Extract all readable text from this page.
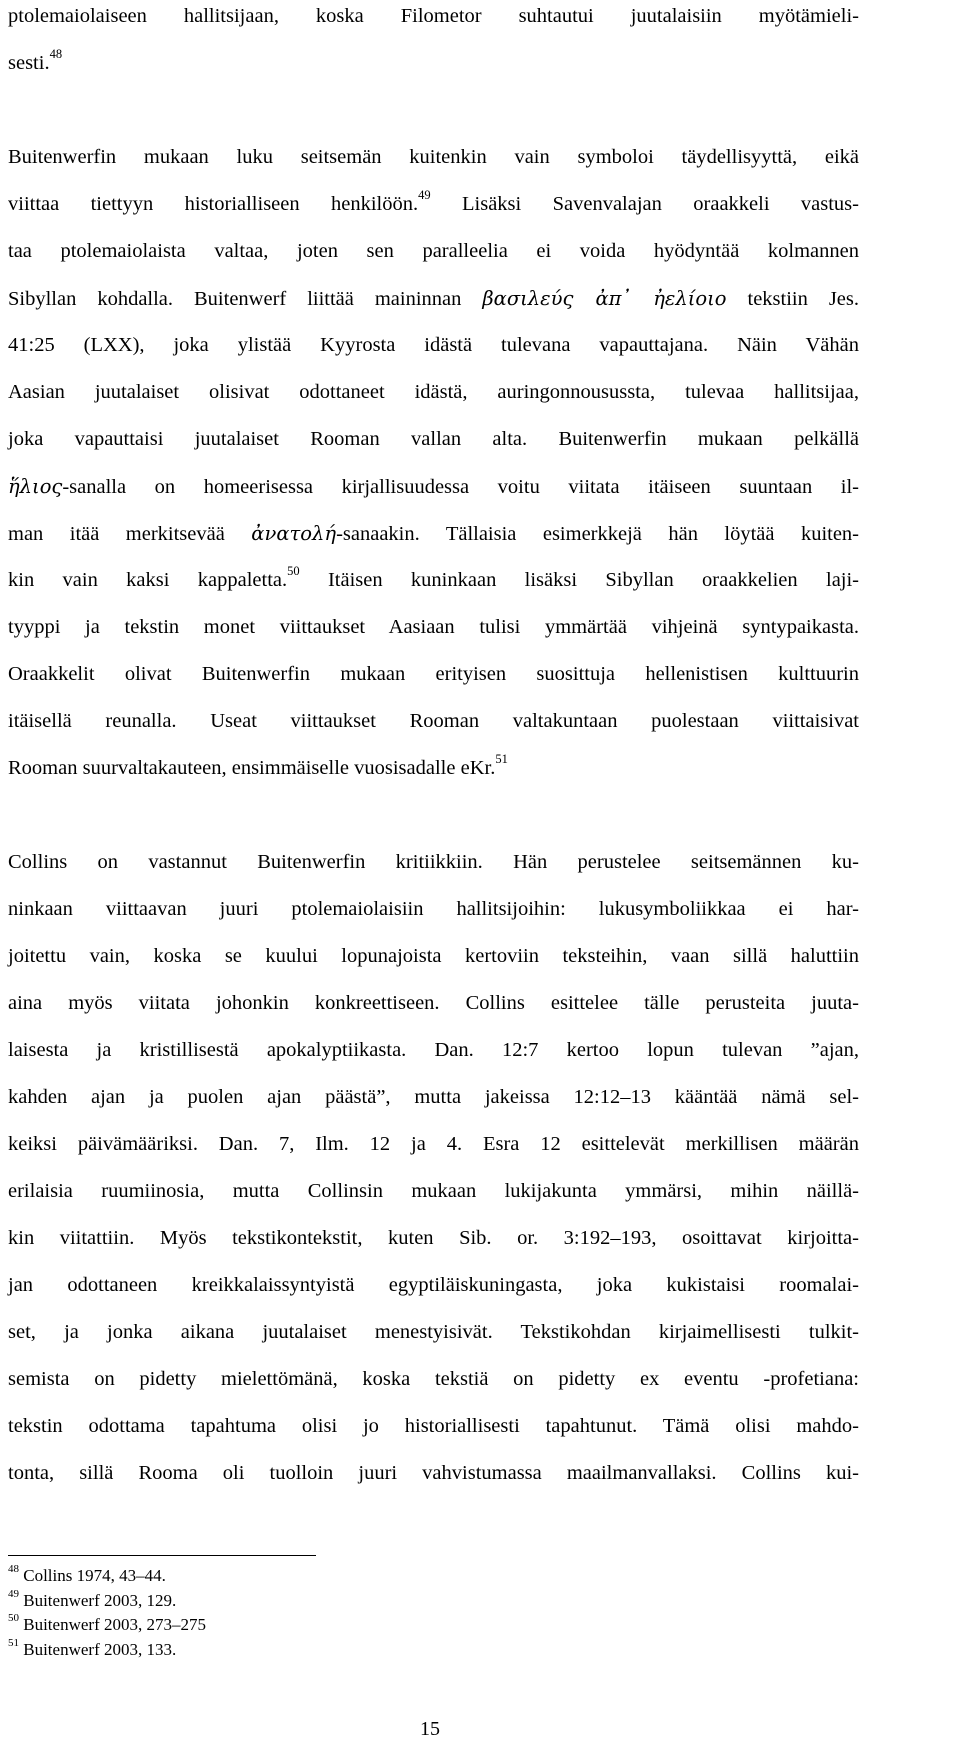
ptolemaiolaiseen hallitsijaan, koska Filometor suhtautui juutalaisiin myötämieli-
sesti.$^{48}$
Buitenwerfin mukaan luku seitsemän kuitenkin vain symboloi täydellisyyttä, eikä
viittaa tiettyyn historialliseen henkilöön.$^{49}$ Lisäksi Savenvalajan oraakkeli vastus-
taa ptolemaiolaista valtaa, joten sen paralleelia ei voida hyödyntää kolmannen
Sibyllan kohdalla. Buitenwerf liittää maininnan βασιλεύς ἀπ᾽ ἠελίοιο tekstiin Jes.
41:25 (LXX), joka ylistää Kyyrosta idästä tulevana vapauttajana. Näin Vähän
Aasian juutalaiset olisivat odottaneet idästä, auringonnousussta, tulevaa hallitsijaa,
joka vapauttaisi juutalaiset Rooman vallan alta. Buitenwerfin mukaan pelkällä
ἥλιος-sanalla on homeerisessa kirjallisuudessa voitu viitata itäiseen suuntaan il-
man itää merkitsevää ἀνατολή-sanaakin. Tällaisia esimerkkejä hän löytää kuiten-
kin vain kaksi kappaletta.$^{50}$ Itäisen kuninkaan lisäksi Sibyllan oraakkelien laji-
tyyppi ja tekstin monet viittaukset Aasiaan tulisi ymmärtää vihjeinä syntypaikasta.
Oraakkelit olivat Buitenwerfin mukaan erityisen suosittuja hellenistisen kulttuurin
itäisellä reunalla. Useat viittaukset Rooman valtakuntaan puolestaan viittaisivat
Rooman suurvaltakauteen, ensimmäiselle vuosisadalle eKr.$^{51}$
Collins on vastannut Buitenwerfin kritiikkiin. Hän perustelee seitsemännen ku-
ninkaan viittaavan juuri ptolemaiolaisiin hallitsijoihin: lukusymboliikkaa ei har-
joitettu vain, koska se kuului lopunajoista kertoviin teksteihin, vaan sillä haluttiin
aina myös viitata johonkin konkreettiseen. Collins esittelee tälle perusteita juuta-
laisesta ja kristillisestä apokalyptiikasta. Dan. 12:7 kertoo lopun tulevan ”ajan,
kahden ajan ja puolen ajan päästä”, mutta jakeissa 12:12–13 kääntää nämä sel-
keiksi päivämääriksi. Dan. 7, Ilm. 12 ja 4. Esra 12 esittelevät merkillisen määrän
erilaisia ruumiinosia, mutta Collinsin mukaan lukijakunta ymmärsi, mihin näillä-
kin viitattiin. Myös tekstikontekstit, kuten Sib. or. 3:192–193, osoittavat kirjoitta-
jan odottaneen kreikkalaissyntyistä egyptiläiskuningasta, joka kukistaisi roomalai-
set, ja jonka aikana juutalaiset menestyisivät. Tekstikohdan kirjaimellisesti tulkit-
semista on pidetty mielettömänä, koska tekstiä on pidetty ex eventu -profetiana:
tekstin odottama tapahtuma olisi jo historiallisesti tapahtunut. Tämä olisi mahdo-
tonta, sillä Rooma oli tuolloin juuri vahvistumassa maailmanvallaksi. Collins kui-
$^{48}$ Collins 1974, 43–44.
$^{49}$ Buitenwerf 2003, 129.
$^{50}$ Buitenwerf 2003, 273–275
$^{51}$ Buitenwerf 2003, 133.
15
